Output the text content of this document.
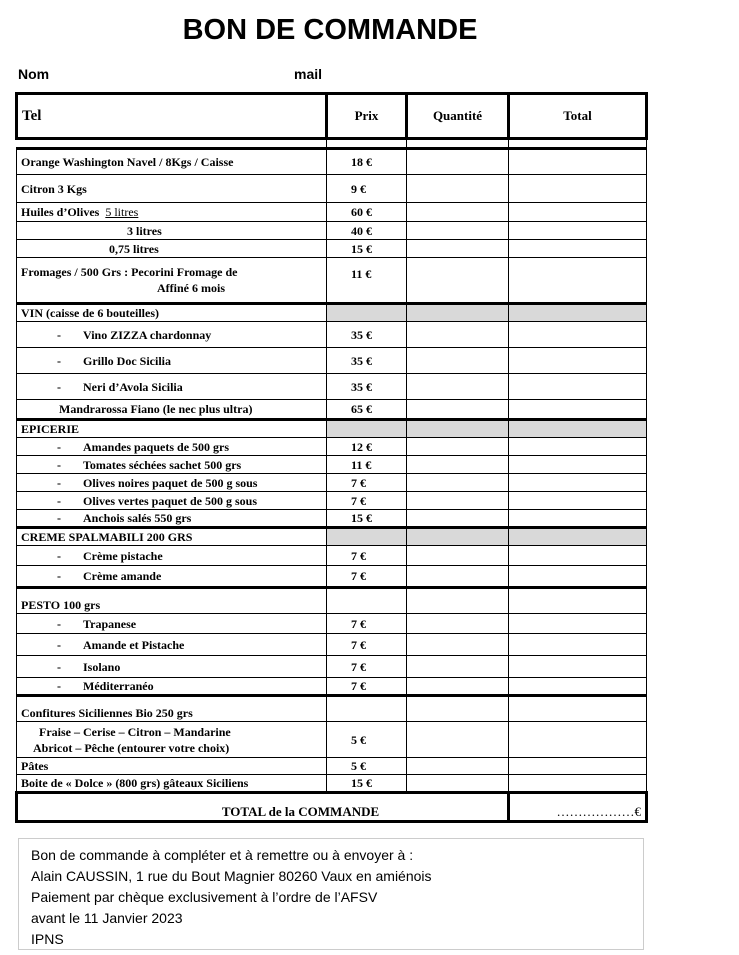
BON DE COMMANDE
Nom	mail
Tel	Prix	Quantité	Total

Orange Washington Navel / 8Kgs / Caisse	18 €		
Citron 3 Kgs	9 €		
Huiles d’Olives 5 litres	60 €		
3 litres	40 €		
0,75 litres	15 €		

Fromages / 500 Grs : Pecorini Fromage de
Affiné 6 mois	11 €		
VIN (caisse de 6 bouteilles)			
- Vino ZIZZA chardonnay	35 €		
- Grillo Doc Sicilia	35 €		
- Neri d’Avola Sicilia	35 €		
Mandrarossa Fiano (le nec plus ultra)	65 €		
EPICERIE			
- Amandes paquets de 500 grs	12 €		
- Tomates séchées sachet 500 grs	11 €		
- Olives noires paquet de 500 g sous	7 €		
- Olives vertes paquet de 500 g sous	7 €		
- Anchois salés 550 grs	15 €		
CREME SPALMABILI 200 GRS			
- Crème pistache	7 €		
- Crème amande	7 €		
PESTO 100 grs			
- Trapanese	7 €		
- Amande et Pistache	7 €		
- Isolano	7 €		
- Méditerranéo	7 €		
Confitures Siciliennes Bio 250 grs			

Fraise – Cerise – Citron – Mandarine
Abricot – Pêche (entourer votre choix)	5 €		
Pâtes	5 €		
Boite de « Dolce » (800 grs) gâteaux Siciliens	15 €		
TOTAL de la COMMANDE			………………€
Bon de commande à compléter et à remettre ou à envoyer à :
Alain CAUSSIN, 1 rue du Bout Magnier 80260 Vaux en amiénois
Paiement par chèque exclusivement à l’ordre de l’AFSV
avant le 11 Janvier 2023
IPNS
